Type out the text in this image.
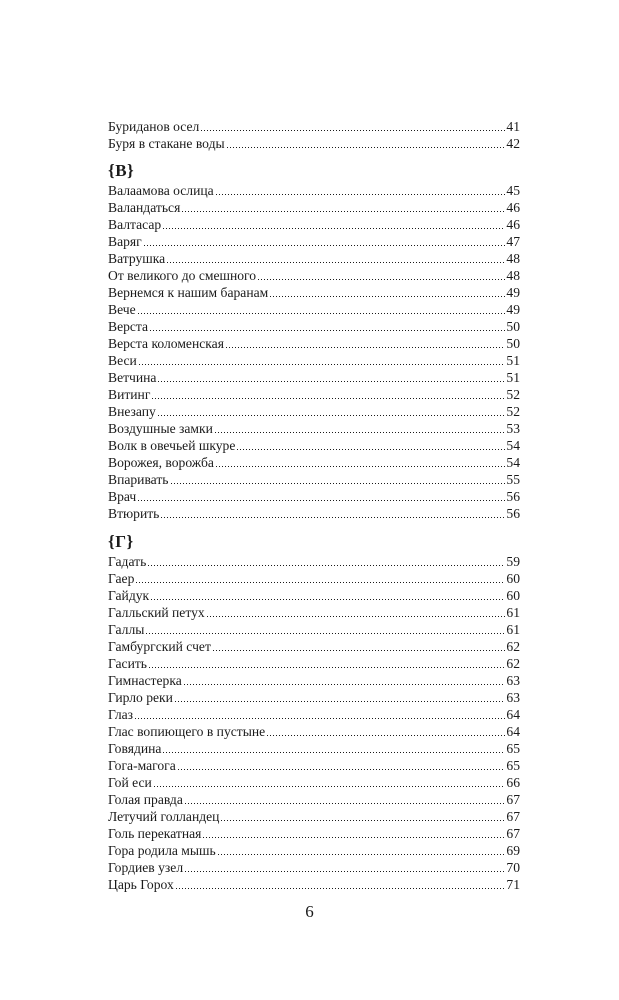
Буриданов осел	41
Буря в стакане воды	42
{В}
Валаамова ослица	45
Валандаться	46
Валтасар	46
Варяг	47
Ватрушка	48
От великого до смешного	48
Вернемся к нашим баранам	49
Вече	49
Верста	50
Верста коломенская	50
Веси	51
Ветчина	51
Витинг	52
Внезапу	52
Воздушные замки	53
Волк в овечьей шкуре	54
Ворожея, ворожба	54
Впаривать	55
Врач	56
Втюрить	56
{Г}
Гадать	59
Гаер	60
Гайдук	60
Галльский петух	61
Галлы	61
Гамбургский счет	62
Гасить	62
Гимнастерка	63
Гирло реки	63
Глаз	64
Глас вопиющего в пустыне	64
Говядина	65
Гога-магога	65
Гой еси	66
Голая правда	67
Летучий голландец	67
Голь перекатная	67
Гора родила мышь	69
Гордиев узел	70
Царь Горох	71
6
